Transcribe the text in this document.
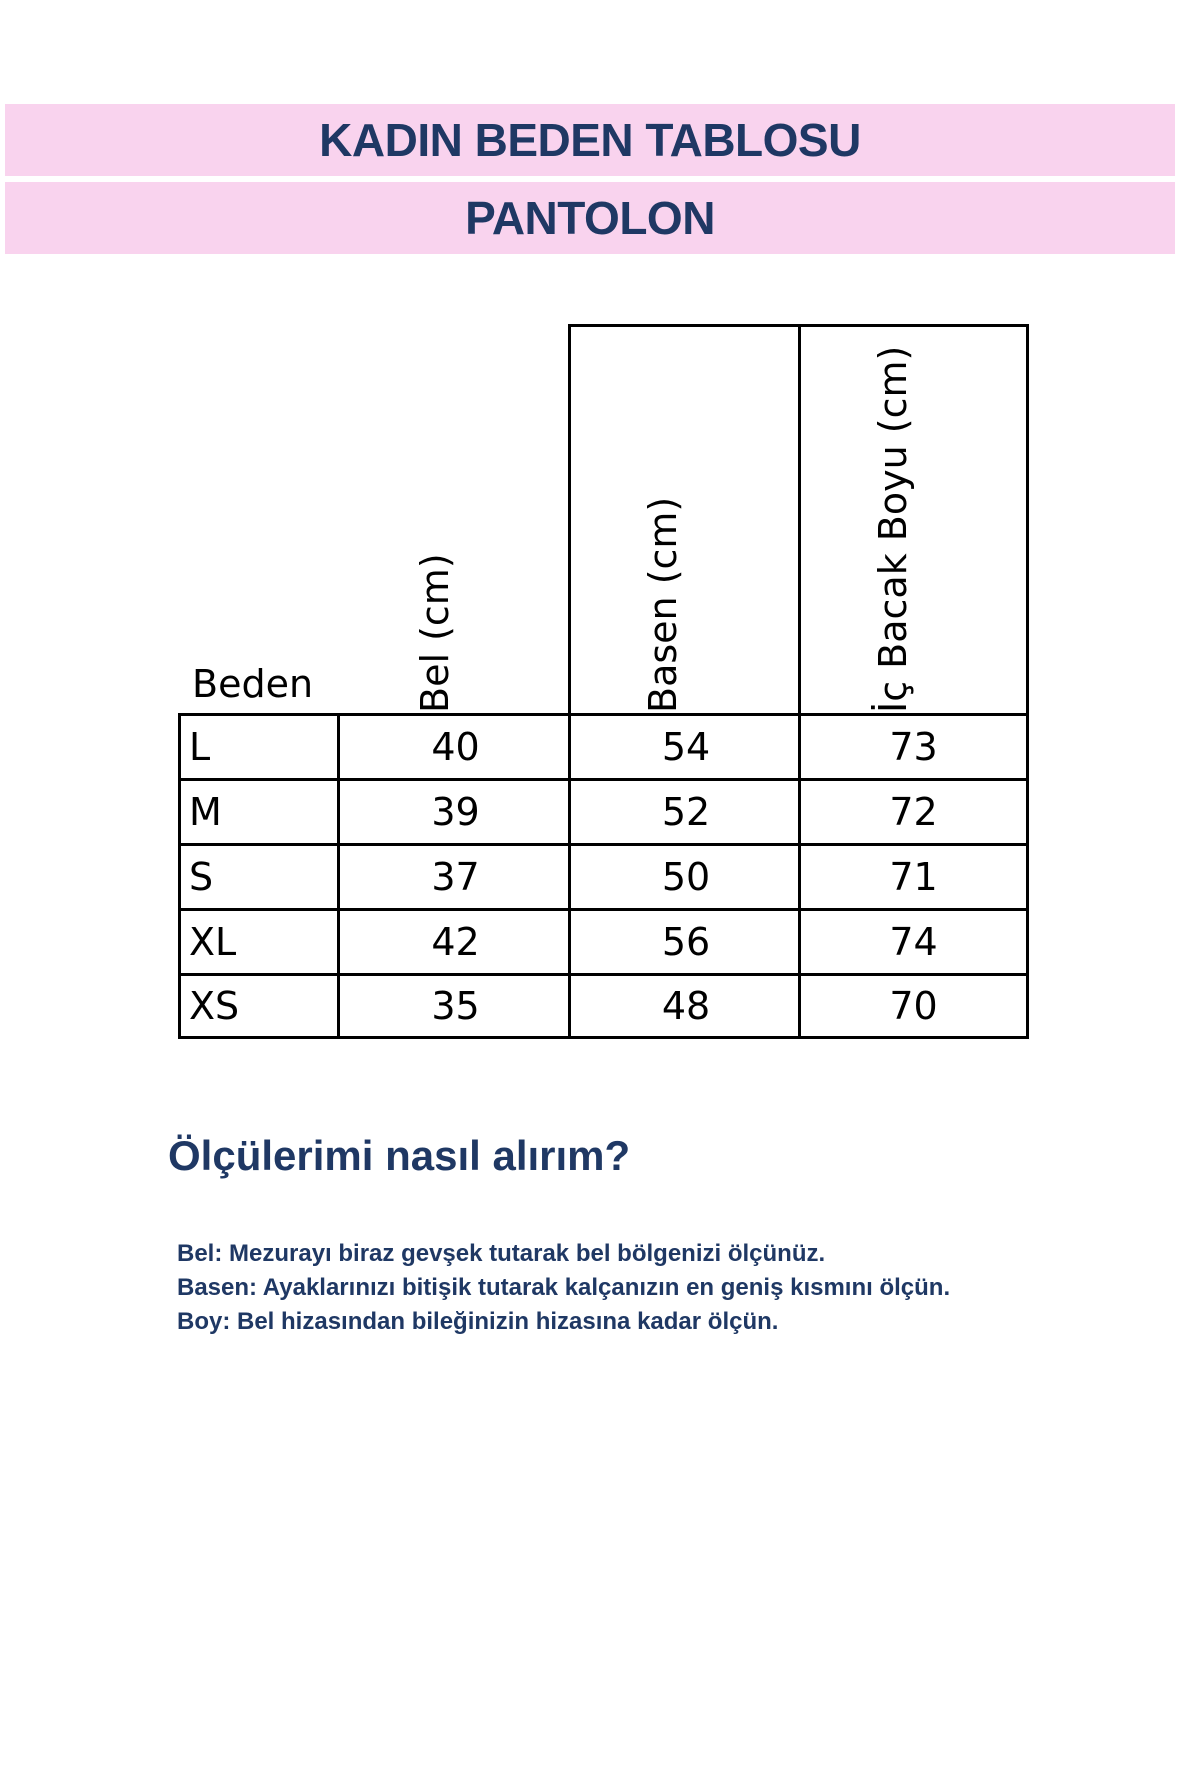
KADIN BEDEN TABLOSU
PANTOLON
Beden	Bel (cm)	Basen (cm)	İç Bacak Boyu (cm)
L	40	54	73
M	39	52	72
S	37	50	71
XL	42	56	74
XS	35	48	70
Ölçülerimi nasıl alırım?
Bel: Mezurayı biraz gevşek tutarak bel bölgenizi ölçünüz.
Basen: Ayaklarınızı bitişik tutarak kalçanızın en geniş kısmını ölçün.
Boy: Bel hizasından bileğinizin hizasına kadar ölçün.
